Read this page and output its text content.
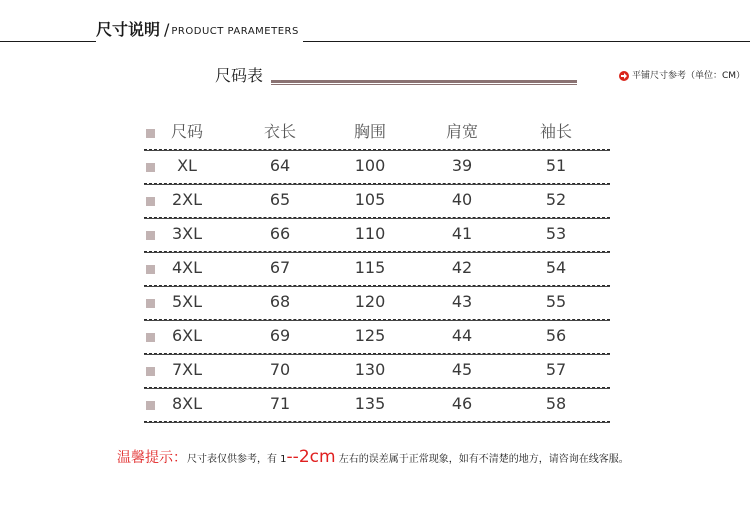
尺寸说明 / PRODUCT PARAMETERS
尺码表	平铺尺寸参考（单位：CM）
尺码	衣长	胸围	肩宽	袖长
XL	64	100	39	51
2XL	65	105	40	52
3XL	66	110	41	53
4XL	67	115	42	54
5XL	68	120	43	55
6XL	69	125	44	56
7XL	70	130	45	57
8XL	71	135	46	58
温馨提示：尺寸表仅供参考，有 1--2cm 左右的误差属于正常现象，如有不清楚的地方，请咨询在线客服。
